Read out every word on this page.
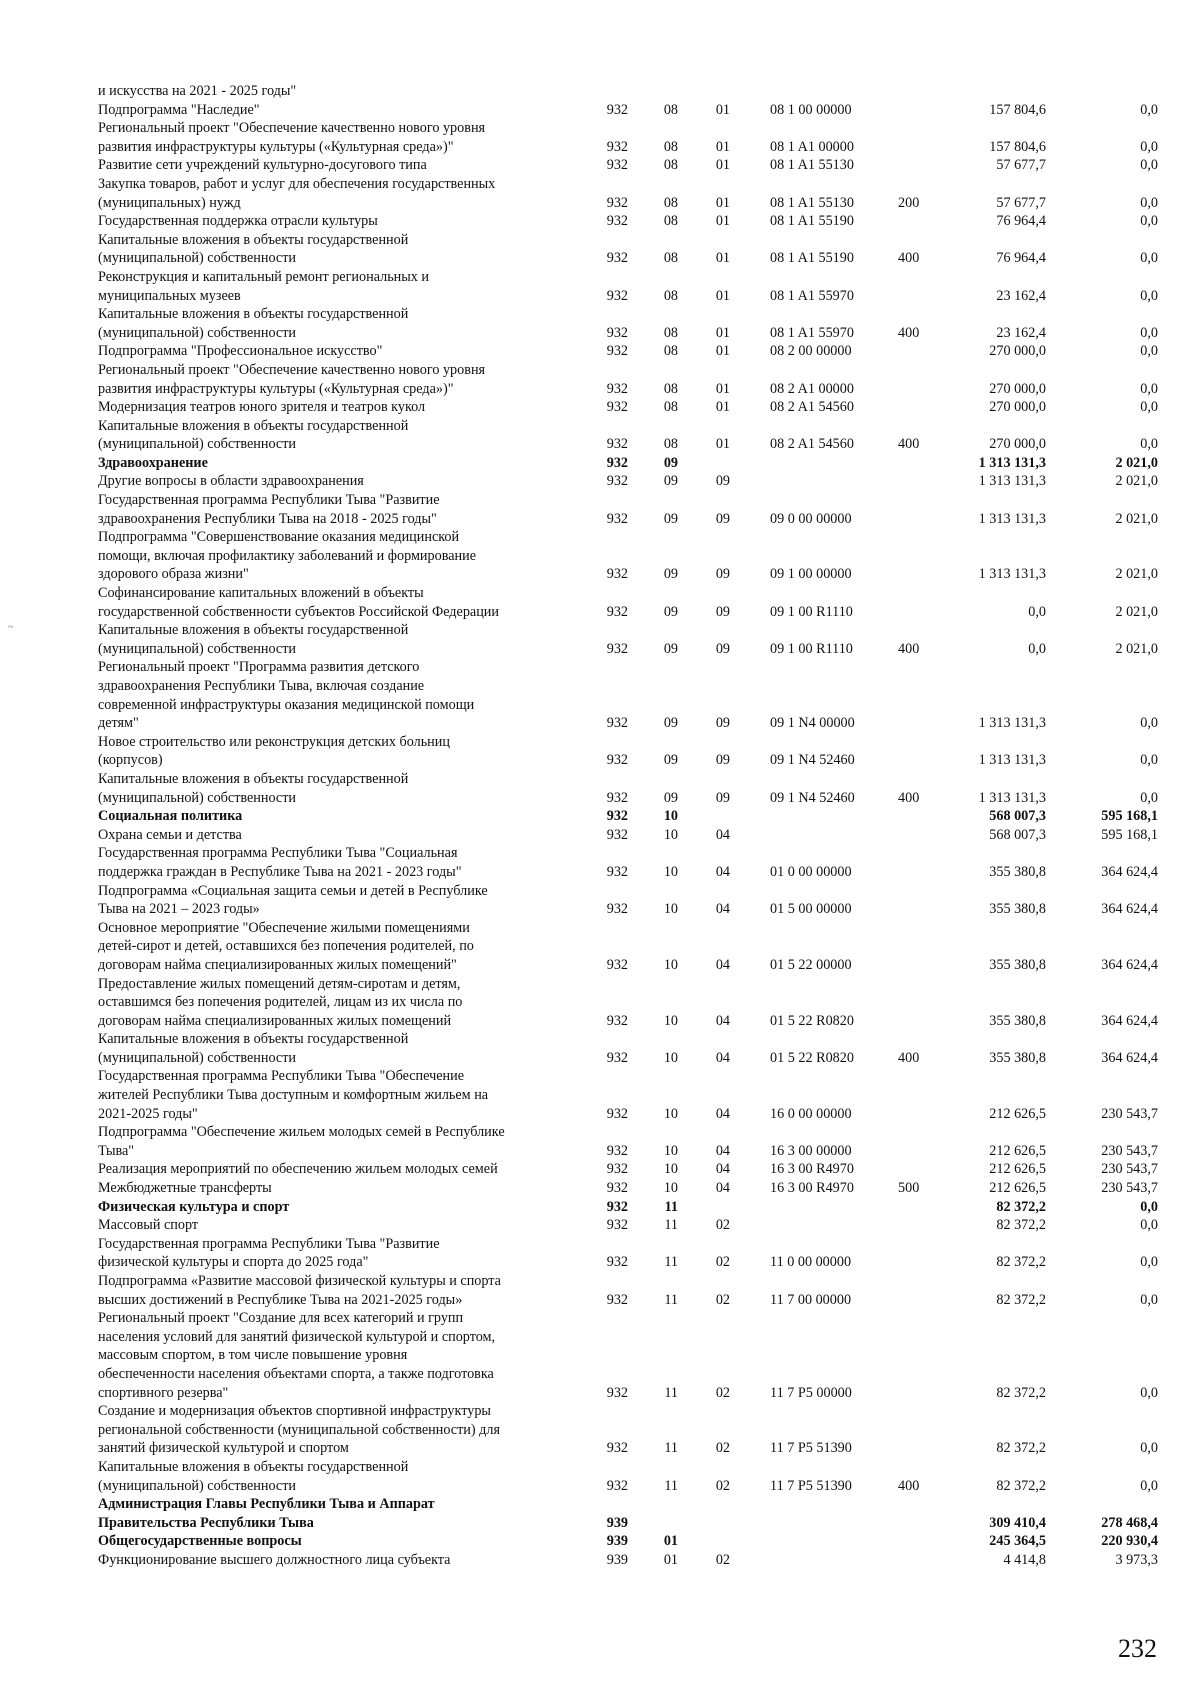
и искусства на 2021 - 2025 годы"
Подпрограмма "Наследие"	932	08	01	08 1 00 00000	157 804,6	0,0
Региональный проект "Обеспечение качественно нового уровня
развития инфраструктуры культуры («Культурная среда»)"	932	08	01	08 1 A1 00000	157 804,6	0,0
Развитие сети учреждений культурно-досугового типа	932	08	01	08 1 A1 55130	57 677,7	0,0
Закупка товаров, работ и услуг для обеспечения государственных
(муниципальных) нужд	932	08	01	08 1 A1 55130	200	57 677,7	0,0
Государственная поддержка отрасли культуры	932	08	01	08 1 A1 55190	76 964,4	0,0
Капитальные вложения в объекты государственной
(муниципальной) собственности	932	08	01	08 1 A1 55190	400	76 964,4	0,0
Реконструкция и капитальный ремонт региональных и
муниципальных музеев	932	08	01	08 1 A1 55970	23 162,4	0,0
Капитальные вложения в объекты государственной
(муниципальной) собственности	932	08	01	08 1 A1 55970	400	23 162,4	0,0
Подпрограмма "Профессиональное искусство"	932	08	01	08 2 00 00000	270 000,0	0,0
Региональный проект "Обеспечение качественно нового уровня
развития инфраструктуры культуры («Культурная среда»)"	932	08	01	08 2 A1 00000	270 000,0	0,0
Модернизация театров юного зрителя и театров кукол	932	08	01	08 2 A1 54560	270 000,0	0,0
Капитальные вложения в объекты государственной
(муниципальной) собственности	932	08	01	08 2 A1 54560	400	270 000,0	0,0
Здравоохранение	932	09	1 313 131,3	2 021,0
Другие вопросы в области здравоохранения	932	09	09	1 313 131,3	2 021,0
Государственная программа Республики Тыва "Развитие
здравоохранения Республики Тыва на 2018 - 2025 годы"	932	09	09	09 0 00 00000	1 313 131,3	2 021,0
Подпрограмма "Совершенствование оказания медицинской
помощи, включая профилактику заболеваний и формирование
здорового образа жизни"	932	09	09	09 1 00 00000	1 313 131,3	2 021,0
Софинансирование капитальных вложений в объекты
государственной собственности субъектов Российской Федерации	932	09	09	09 1 00 R1110	0,0	2 021,0
Капитальные вложения в объекты государственной
(муниципальной) собственности	932	09	09	09 1 00 R1110	400	0,0	2 021,0
Региональный проект "Программа развития детского
здравоохранения Республики Тыва, включая создание
современной инфраструктуры оказания медицинской помощи
детям"	932	09	09	09 1 N4 00000	1 313 131,3	0,0
Новое строительство или реконструкция детских больниц
(корпусов)	932	09	09	09 1 N4 52460	1 313 131,3	0,0
Капитальные вложения в объекты государственной
(муниципальной) собственности	932	09	09	09 1 N4 52460	400	1 313 131,3	0,0
Социальная политика	932	10	568 007,3	595 168,1
Охрана семьи и детства	932	10	04	568 007,3	595 168,1
Государственная программа Республики Тыва "Социальная
поддержка граждан в Республике Тыва на 2021 - 2023 годы"	932	10	04	01 0 00 00000	355 380,8	364 624,4
Подпрограмма «Социальная защита семьи и детей в Республике
Тыва на 2021 – 2023 годы»	932	10	04	01 5 00 00000	355 380,8	364 624,4
Основное мероприятие "Обеспечение жилыми помещениями
детей-сирот и детей, оставшихся без попечения родителей, по
договорам найма специализированных жилых помещений"	932	10	04	01 5 22 00000	355 380,8	364 624,4
Предоставление жилых помещений детям-сиротам и детям,
оставшимся без попечения родителей, лицам из их числа по
договорам найма специализированных жилых помещений	932	10	04	01 5 22 R0820	355 380,8	364 624,4
Капитальные вложения в объекты государственной
(муниципальной) собственности	932	10	04	01 5 22 R0820	400	355 380,8	364 624,4
Государственная программа Республики Тыва "Обеспечение
жителей Республики Тыва доступным и комфортным жильем на
2021-2025 годы"	932	10	04	16 0 00 00000	212 626,5	230 543,7
Подпрограмма "Обеспечение жильем молодых семей в Республике
Тыва"	932	10	04	16 3 00 00000	212 626,5	230 543,7
Реализация мероприятий по обеспечению жильем молодых семей	932	10	04	16 3 00 R4970	212 626,5	230 543,7
Межбюджетные трансферты	932	10	04	16 3 00 R4970	500	212 626,5	230 543,7
Физическая культура и спорт	932	11	82 372,2	0,0
Массовый спорт	932	11	02	82 372,2	0,0
Государственная программа Республики Тыва "Развитие
физической культуры и спорта до 2025 года"	932	11	02	11 0 00 00000	82 372,2	0,0
Подпрограмма «Развитие массовой физической культуры и спорта
высших достижений в Республике Тыва на 2021-2025 годы»	932	11	02	11 7 00 00000	82 372,2	0,0
Региональный проект "Создание для всех категорий и групп
населения условий для занятий физической культурой и спортом,
массовым спортом, в том числе повышение уровня
обеспеченности населения объектами спорта, а также подготовка
спортивного резерва"	932	11	02	11 7 P5 00000	82 372,2	0,0
Создание и модернизация объектов спортивной инфраструктуры
региональной собственности (муниципальной собственности) для
занятий физической культурой и спортом	932	11	02	11 7 P5 51390	82 372,2	0,0
Капитальные вложения в объекты государственной
(муниципальной) собственности	932	11	02	11 7 P5 51390	400	82 372,2	0,0
Администрация Главы Республики Тыва и Аппарат
Правительства Республики Тыва	939	309 410,4	278 468,4
Общегосударственные вопросы	939	01	245 364,5	220 930,4
Функционирование высшего должностного лица субъекта	939	01	02	4 414,8	3 973,3
232
~
